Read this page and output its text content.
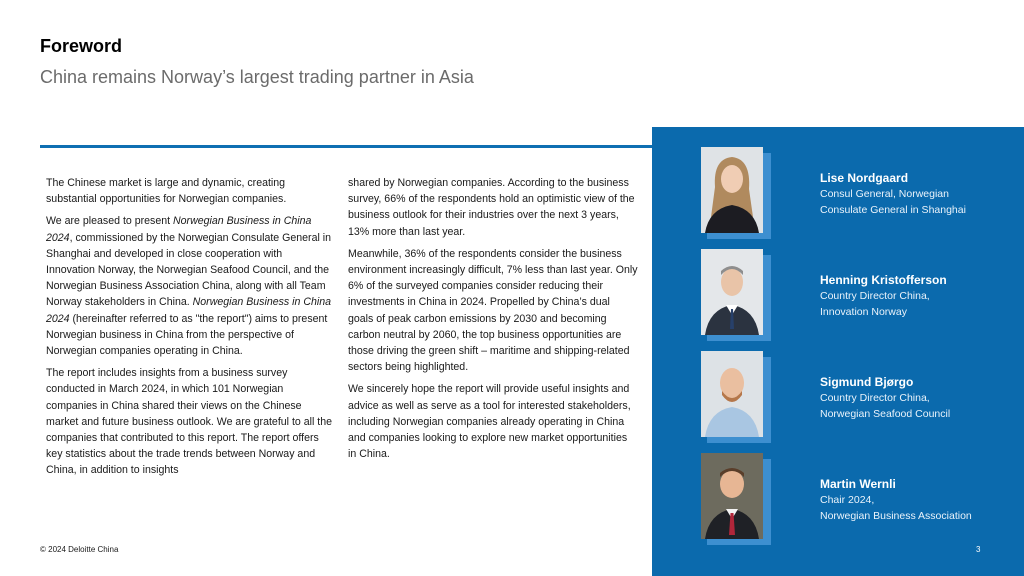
Foreword
China remains Norway’s largest trading partner in Asia

The Chinese market is large and dynamic, creating substantial opportunities for Norwegian companies.

We are pleased to present Norwegian Business in China 2024, commissioned by the Norwegian Consulate General in Shanghai and developed in close cooperation with Innovation Norway, the Norwegian Seafood Council, and the Norwegian Business Association China, along with all Team Norway stakeholders in China. Norwegian Business in China 2024 (hereinafter referred to as "the report") aims to present Norwegian business in China from the perspective of Norwegian companies operating in China.

The report includes insights from a business survey conducted in March 2024, in which 101 Norwegian companies in China shared their views on the Chinese market and future business outlook. We are grateful to all the companies that contributed to this report. The report offers key statistics about the trade trends between Norway and China, in addition to insights

shared by Norwegian companies. According to the business survey, 66% of the respondents hold an optimistic view of the business outlook for their industries over the next 3 years, 13% more than last year.

Meanwhile, 36% of the respondents consider the business environment increasingly difficult, 7% less than last year. Only 6% of the surveyed companies consider reducing their investments in China in 2024. Propelled by China’s dual goals of peak carbon emissions by 2030 and becoming carbon neutral by 2060, the top business opportunities are those driving the green shift – maritime and shipping-related sectors being highlighted.

We sincerely hope the report will provide useful insights and advice as well as serve as a tool for interested stakeholders, including Norwegian companies already operating in China and companies looking to explore new market opportunities in China.

Lise Nordgaard
Consul General, Norwegian
Consulate General in Shanghai
Henning Kristofferson
Country Director China,
Innovation Norway
Sigmund Bjørgo
Country Director China,
Norwegian Seafood Council
Martin Wernli
Chair 2024,
Norwegian Business Association
© 2024 Deloitte China	3
